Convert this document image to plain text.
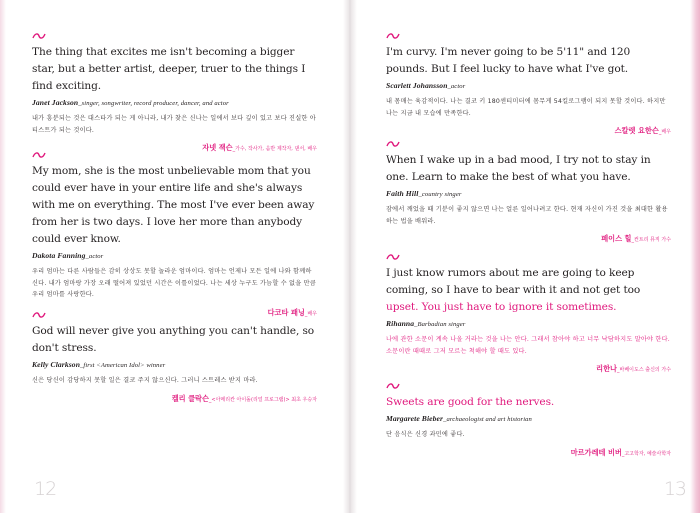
The thing that excites me isn't becoming a bigger star, but a better artist, deeper, truer to the things I find exciting.

Janet Jackson_singer, songwriter, record producer, dancer, and actor

내가 흥분되는 것은 대스타가 되는 게 아니라, 내가 찾은 신나는 일에서 보다 깊이 있고 보다 진실한 아티스트가 되는 것이다.

자넷 잭슨_가수, 작사가, 음반 제작자, 댄서, 배우

My mom, she is the most unbelievable mom that you could ever have in your entire life and she's always with me on everything. The most I've ever been away from her is two days. I love her more than anybody could ever know.

Dakota Fanning_actor

우리 엄마는 다른 사람들은 감히 상상도 못할 놀라운 엄마이다. 엄마는 언제나 모든 일에 나와 함께하신다. 내가 엄마랑 가장 오래 떨어져 있었던 시간은 이틀이었다. 나는 세상 누구도 가늠할 수 없을 만큼 우리 엄마를 사랑한다.

다코타 패닝_배우

God will never give you anything you can't handle, so don't stress.

Kelly Clarkson_first <American Idol> winner

신은 당신이 감당하지 못할 일은 결코 주지 않으신다. 그러니 스트레스 받지 마라.

켈리 클락슨_<아메리칸 아이돌(리얼 프로그램)> 최초 우승자
12

I'm curvy. I'm never going to be 5'11" and 120 pounds. But I feel lucky to have what I've got.

Scarlett Johansson_actor

내 몸매는 육감적이다. 나는 결코 키 180센티미터에 몸무게 54킬로그램이 되지 못할 것이다. 하지만 나는 지금 내 모습에 만족한다.

스칼렛 요한슨_배우

When I wake up in a bad mood, I try not to stay in one. Learn to make the best of what you have.

Faith Hill_country singer

잠에서 깨었을 때 기분이 좋지 않으면 나는 얼른 일어나려고 한다. 현재 자신이 가진 것을 최대한 활용하는 법을 배워라.

페이스 힐_컨트리 뮤직 가수

I just know rumors about me are going to keep coming, so I have to bear with it and not get too upset. You just have to ignore it sometimes.

Rihanna_Barbadian singer

나에 관한 소문이 계속 나올 거라는 것을 나는 안다. 그래서 참아야 하고 너무 낙담하지도 말아야 한다. 소문이란 때때로 그저 모르는 척해야 할 때도 있다.

리한나_바베이도스 출신의 가수

Sweets are good for the nerves.

Margarete Bieber_archaeologist and art historian

단 음식은 신경 과민에 좋다.

마르가레테 비버_고고학자, 예술사학자
13
